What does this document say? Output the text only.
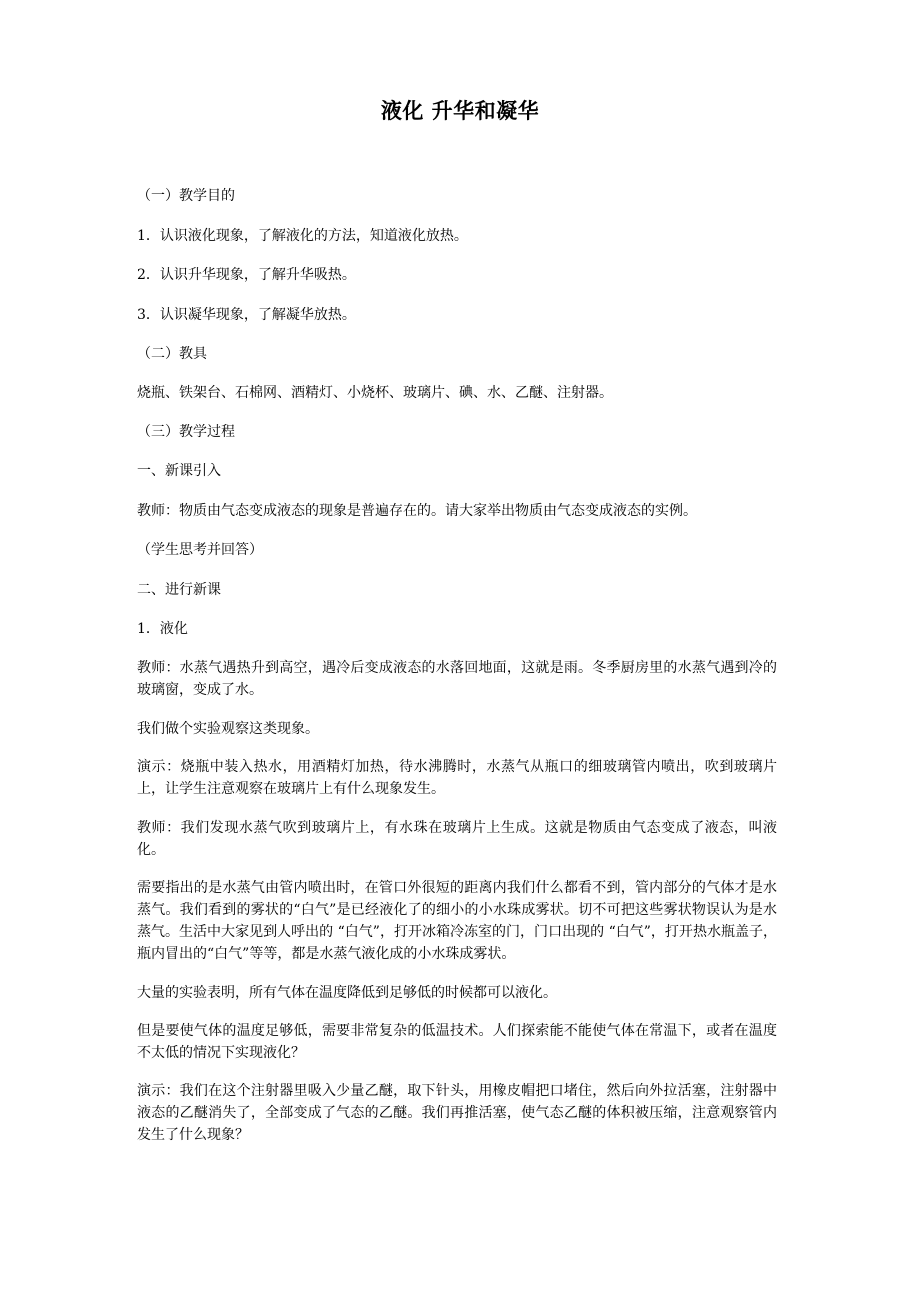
液化 升华和凝华

（一）教学目的

1．认识液化现象，了解液化的方法，知道液化放热。

2．认识升华现象，了解升华吸热。

3．认识凝华现象，了解凝华放热。

（二）教具

烧瓶、铁架台、石棉网、酒精灯、小烧杯、玻璃片、碘、水、乙醚、注射器。

（三）教学过程

一、新课引入

教师：物质由气态变成液态的现象是普遍存在的。请大家举出物质由气态变成液态的实例。

（学生思考并回答）

二、进行新课

1．液化

教师：水蒸气遇热升到高空，遇冷后变成液态的水落回地面，这就是雨。冬季厨房里的水蒸气遇到冷的玻璃窗，变成了水。

我们做个实验观察这类现象。

演示：烧瓶中装入热水，用酒精灯加热，待水沸腾时，水蒸气从瓶口的细玻璃管内喷出，吹到玻璃片上，让学生注意观察在玻璃片上有什么现象发生。

教师：我们发现水蒸气吹到玻璃片上，有水珠在玻璃片上生成。这就是物质由气态变成了液态，叫液化。

需要指出的是水蒸气由管内喷出时，在管口外很短的距离内我们什么都看不到，管内部分的气体才是水蒸气。我们看到的雾状的“白气”是已经液化了的细小的小水珠成雾状。切不可把这些雾状物误认为是水蒸气。生活中大家见到人呼出的 “白气”，打开冰箱冷冻室的门，门口出现的 “白气”，打开热水瓶盖子，瓶内冒出的“白气”等等，都是水蒸气液化成的小水珠成雾状。

大量的实验表明，所有气体在温度降低到足够低的时候都可以液化。

但是要使气体的温度足够低，需要非常复杂的低温技术。人们探索能不能使气体在常温下，或者在温度不太低的情况下实现液化？

演示：我们在这个注射器里吸入少量乙醚，取下针头，用橡皮帽把口堵住，然后向外拉活塞，注射器中液态的乙醚消失了，全部变成了气态的乙醚。我们再推活塞，使气态乙醚的体积被压缩，注意观察管内发生了什么现象？
